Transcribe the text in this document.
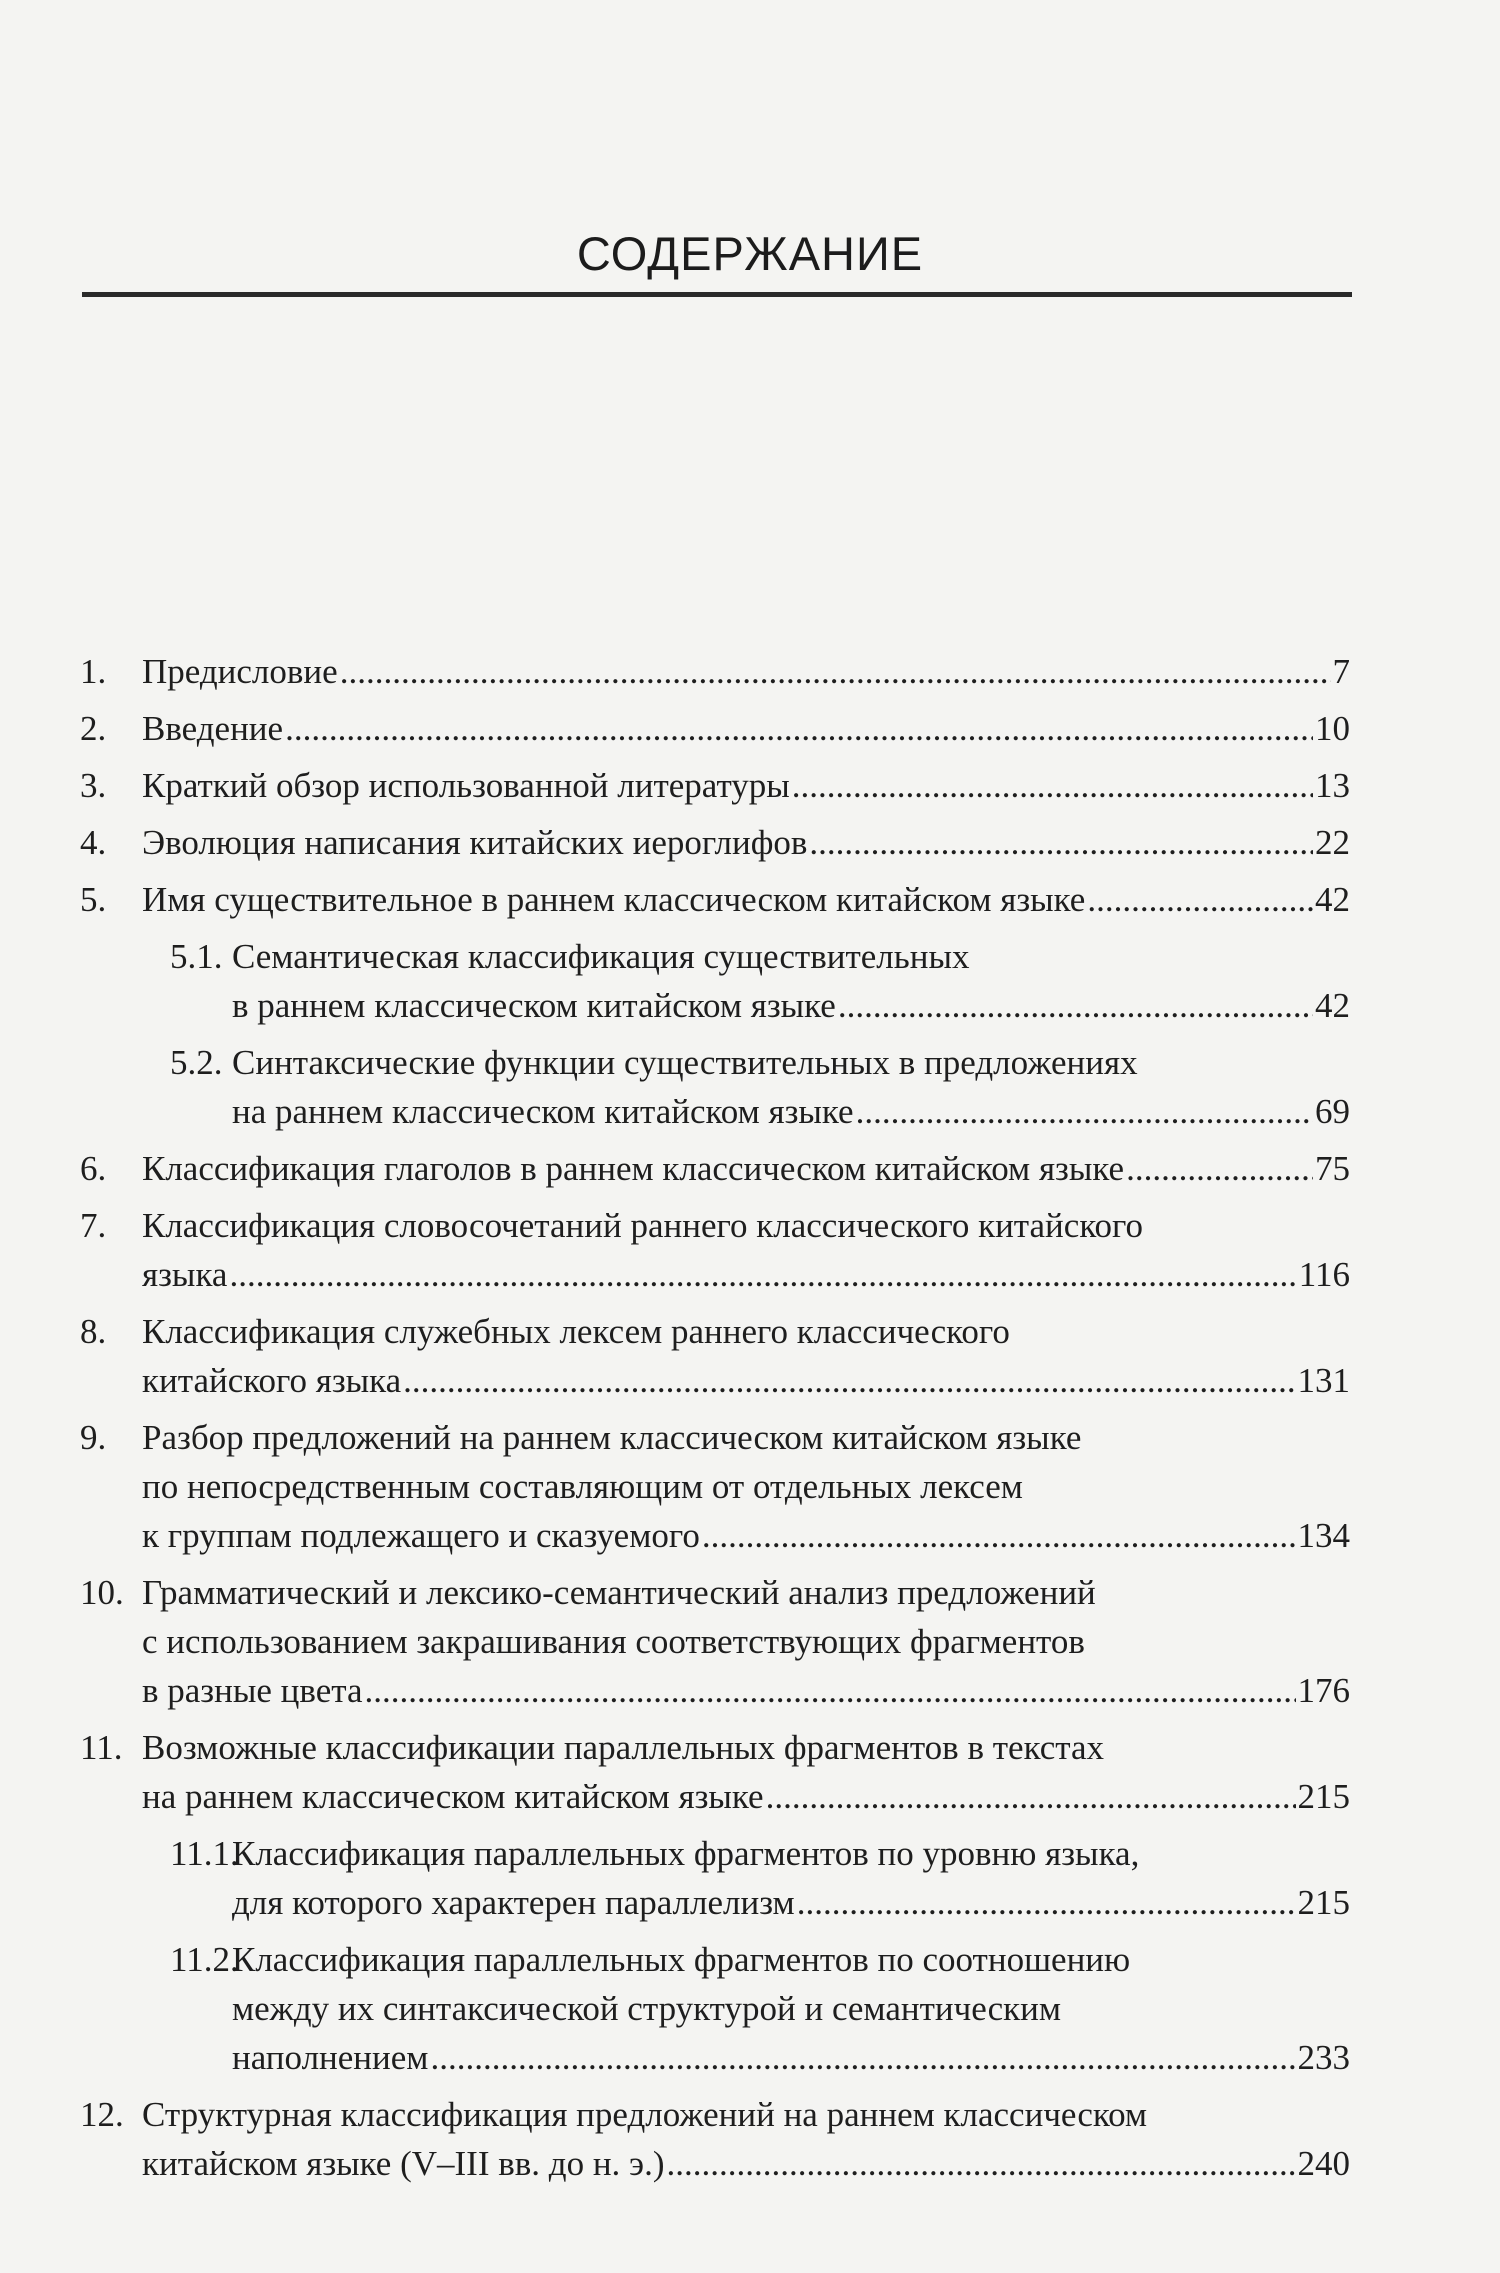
СОДЕРЖАНИЕ
1. Предисловие .....	7
2. Введение .....	10
3. Краткий обзор использованной литературы .....	13
4. Эволюция написания китайских иероглифов .....	22
5. Имя существительное в раннем классическом китайском языке .....	42
5.1. Семантическая классификация существительных
в раннем классическом китайском языке .....	42
5.2. Синтаксические функции существительных в предложениях
на раннем классическом китайском языке .....	69
6. Классификация глаголов в раннем классическом китайском языке .....	75
7. Классификация словосочетаний раннего классического китайского
языка .....	116
8. Классификация служебных лексем раннего классического
китайского языка .....	131
9. Разбор предложений на раннем классическом китайском языке
по непосредственным составляющим от отдельных лексем
к группам подлежащего и сказуемого .....	134
10. Грамматический и лексико-семантический анализ предложений
с использованием закрашивания соответствующих фрагментов
в разные цвета .....	176
11. Возможные классификации параллельных фрагментов в текстах
на раннем классическом китайском языке .....	215
11.1.
Классификация параллельных фрагментов по уровню языка,
для которого характерен параллелизм .....	215
11.2.
Классификация параллельных фрагментов по соотношению
между их синтаксической структурой и семантическим
наполнением .....	233
12. Структурная классификация предложений на раннем классическом
китайском языке (V–III вв. до н. э.) .....	240
